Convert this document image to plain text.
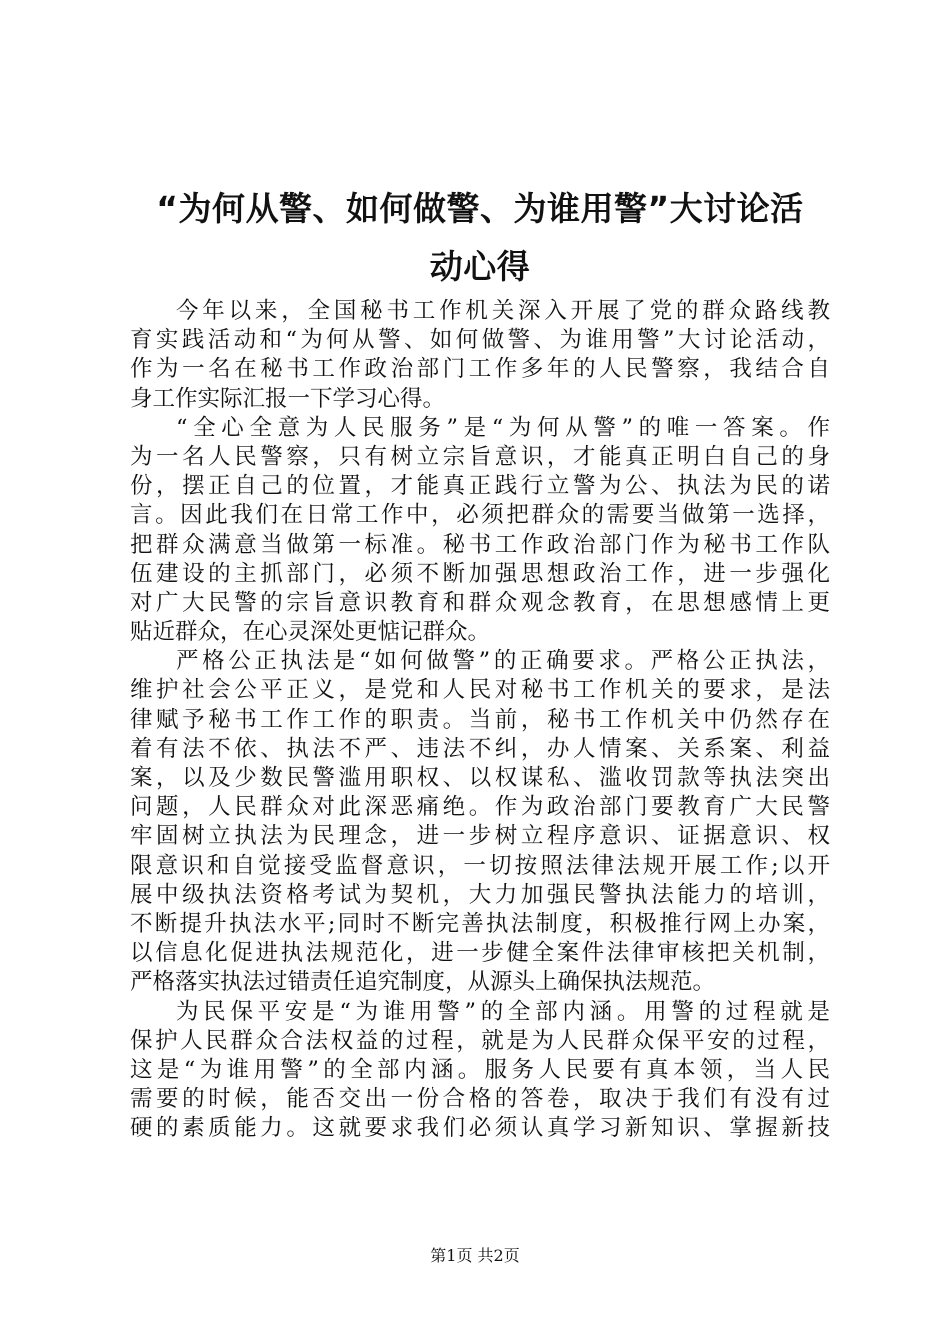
“为何从警、如何做警、为谁用警”大讨论活
动心得
今年以来，全国秘书工作机关深入开展了党的群众路线教
育实践活动和“为何从警、如何做警、为谁用警”大讨论活动，
作为一名在秘书工作政治部门工作多年的人民警察，我结合自
身工作实际汇报一下学习心得。
“全心全意为人民服务”是“为何从警”的唯一答案。作
为一名人民警察，只有树立宗旨意识，才能真正明白自己的身
份，摆正自己的位置，才能真正践行立警为公、执法为民的诺
言。因此我们在日常工作中，必须把群众的需要当做第一选择，
把群众满意当做第一标准。秘书工作政治部门作为秘书工作队
伍建设的主抓部门，必须不断加强思想政治工作，进一步强化
对广大民警的宗旨意识教育和群众观念教育，在思想感情上更
贴近群众，在心灵深处更惦记群众。
严格公正执法是“如何做警”的正确要求。严格公正执法，
维护社会公平正义，是党和人民对秘书工作机关的要求，是法
律赋予秘书工作工作的职责。当前，秘书工作机关中仍然存在
着有法不依、执法不严、违法不纠，办人情案、关系案、利益
案，以及少数民警滥用职权、以权谋私、滥收罚款等执法突出
问题，人民群众对此深恶痛绝。作为政治部门要教育广大民警
牢固树立执法为民理念，进一步树立程序意识、证据意识、权
限意识和自觉接受监督意识，一切按照法律法规开展工作;以开
展中级执法资格考试为契机，大力加强民警执法能力的培训，
不断提升执法水平;同时不断完善执法制度，积极推行网上办案，
以信息化促进执法规范化，进一步健全案件法律审核把关机制，
严格落实执法过错责任追究制度，从源头上确保执法规范。
为民保平安是“为谁用警”的全部内涵。用警的过程就是
保护人民群众合法权益的过程，就是为人民群众保平安的过程，
这是“为谁用警”的全部内涵。服务人民要有真本领，当人民
需要的时候，能否交出一份合格的答卷，取决于我们有没有过
硬的素质能力。这就要求我们必须认真学习新知识、掌握新技
第1页 共2页
